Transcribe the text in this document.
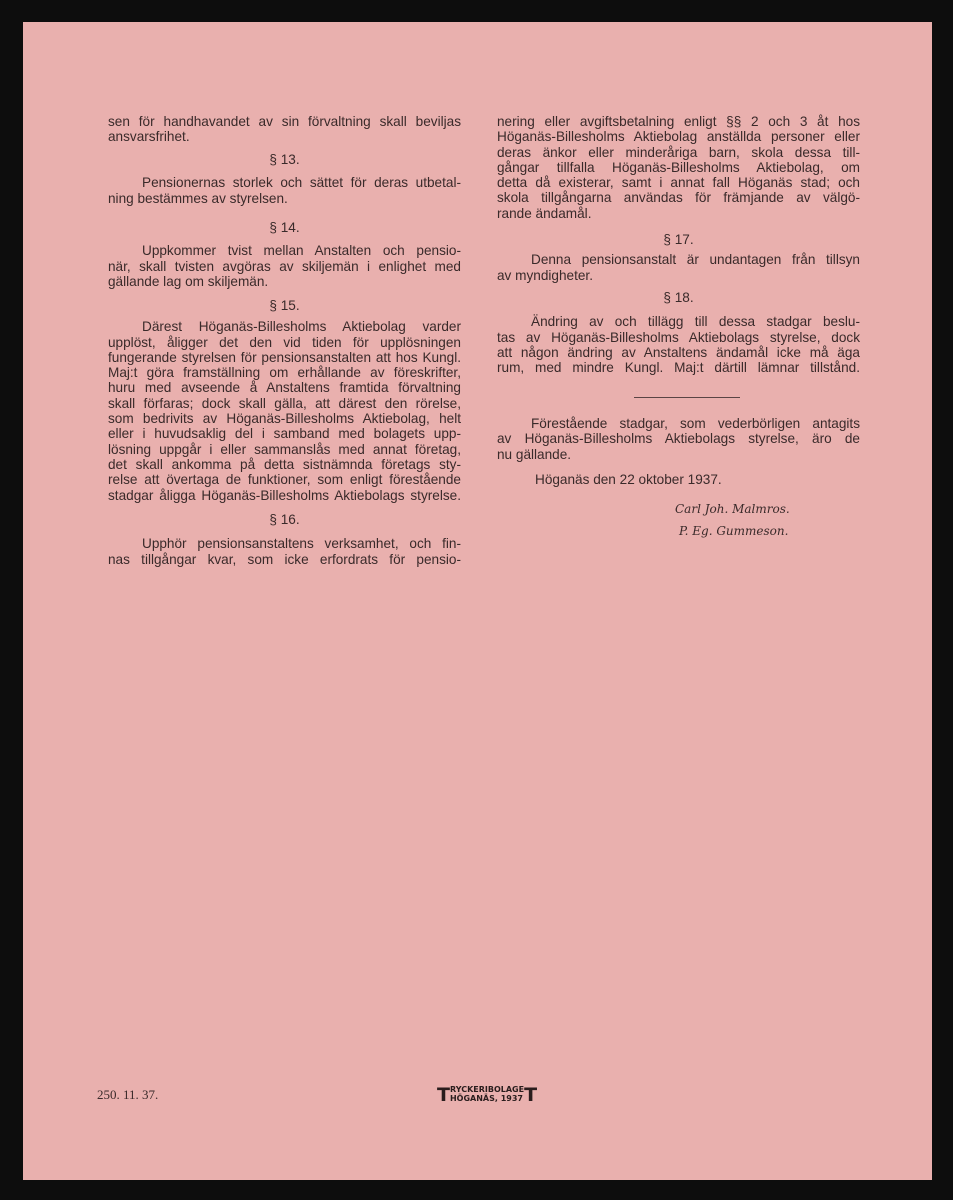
sen för handhavandet av sin förvaltning skall beviljas
ansvarsfrihet.
§ 13.
Pensionernas storlek och sättet för deras utbetal-
ning bestämmes av styrelsen.
§ 14.
Uppkommer tvist mellan Anstalten och pensio-
när, skall tvisten avgöras av skiljemän i enlighet med
gällande lag om skiljemän.
§ 15.
Därest Höganäs-Billesholms Aktiebolag varder
upplöst, åligger det den vid tiden för upplösningen
fungerande styrelsen för pensionsanstalten att hos Kungl.
Maj:t göra framställning om erhållande av föreskrifter,
huru med avseende å Anstaltens framtida förvaltning
skall förfaras; dock skall gälla, att därest den rörelse,
som bedrivits av Höganäs-Billesholms Aktiebolag, helt
eller i huvudsaklig del i samband med bolagets upp-
lösning uppgår i eller sammanslås med annat företag,
det skall ankomma på detta sistnämnda företags sty-
relse att övertaga de funktioner, som enligt förestående
stadgar åligga Höganäs-Billesholms Aktiebolags styrelse.
§ 16.
Upphör pensionsanstaltens verksamhet, och fin-
nas tillgångar kvar, som icke erfordrats för pensio-
nering eller avgiftsbetalning enligt §§ 2 och 3 åt hos
Höganäs-Billesholms Aktiebolag anställda personer eller
deras änkor eller minderåriga barn, skola dessa till-
gångar tillfalla Höganäs-Billesholms Aktiebolag, om
detta då existerar, samt i annat fall Höganäs stad; och
skola tillgångarna användas för främjande av välgö-
rande ändamål.
§ 17.
Denna pensionsanstalt är undantagen från tillsyn
av myndigheter.
§ 18.
Ändring av och tillägg till dessa stadgar beslu-
tas av Höganäs-Billesholms Aktiebolags styrelse, dock
att någon ändring av Anstaltens ändamål icke må äga
rum, med mindre Kungl. Maj:t därtill lämnar tillstånd.
Förestående stadgar, som vederbörligen antagits
av Höganäs-Billesholms Aktiebolags styrelse, äro de
nu gällande.
Höganäs den 22 oktober 1937.
Carl Joh. Malmros.
P. Eg. Gummeson.
250. 11. 37.	T RYCKERIBOLAGE
HÖGANÄS, 1937 T
